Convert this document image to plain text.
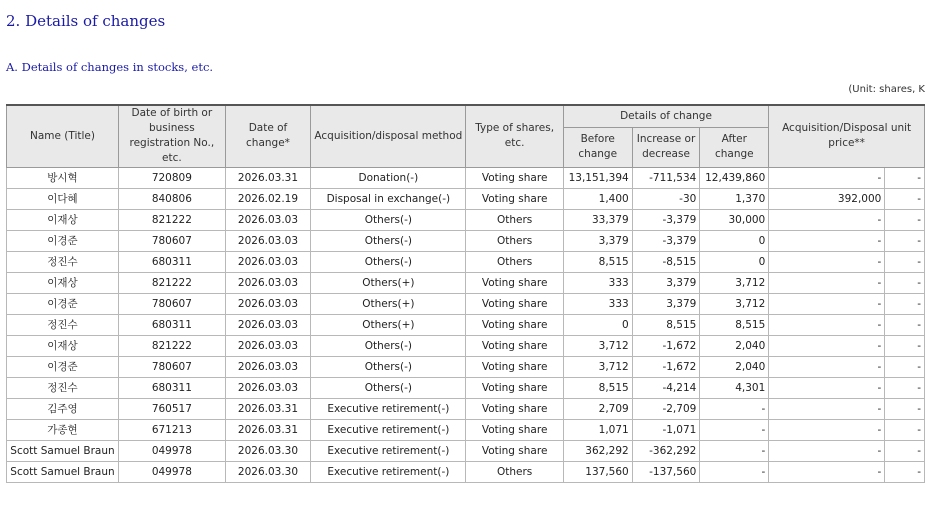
2. Details of changes
A. Details of changes in stocks, etc.
(Unit: shares, K
Name (Title)	Date of birth or business registration No., etc.	Date of change*	Acquisition/disposal method	Type of shares, etc.	Details of change			Acquisition/Disposal unit price**	
					Before change	Increase or decrease	After change		
방시혁	720809	2026.03.31	Donation(-)	Voting share	13,151,394	-711,534	12,439,860	-	-
이다혜	840806	2026.02.19	Disposal in exchange(-)	Voting share	1,400	-30	1,370	392,000	-
이재상	821222	2026.03.03	Others(-)	Others	33,379	-3,379	30,000	-	-
이경준	780607	2026.03.03	Others(-)	Others	3,379	-3,379	0	-	-
정진수	680311	2026.03.03	Others(-)	Others	8,515	-8,515	0	-	-
이재상	821222	2026.03.03	Others(+)	Voting share	333	3,379	3,712	-	-
이경준	780607	2026.03.03	Others(+)	Voting share	333	3,379	3,712	-	-
정진수	680311	2026.03.03	Others(+)	Voting share	0	8,515	8,515	-	-
이재상	821222	2026.03.03	Others(-)	Voting share	3,712	-1,672	2,040	-	-
이경준	780607	2026.03.03	Others(-)	Voting share	3,712	-1,672	2,040	-	-
정진수	680311	2026.03.03	Others(-)	Voting share	8,515	-4,214	4,301	-	-
김주영	760517	2026.03.31	Executive retirement(-)	Voting share	2,709	-2,709	-	-	-
가종현	671213	2026.03.31	Executive retirement(-)	Voting share	1,071	-1,071	-	-	-
Scott Samuel Braun	049978	2026.03.30	Executive retirement(-)	Voting share	362,292	-362,292	-	-	-
Scott Samuel Braun	049978	2026.03.30	Executive retirement(-)	Others	137,560	-137,560	-	-	-
